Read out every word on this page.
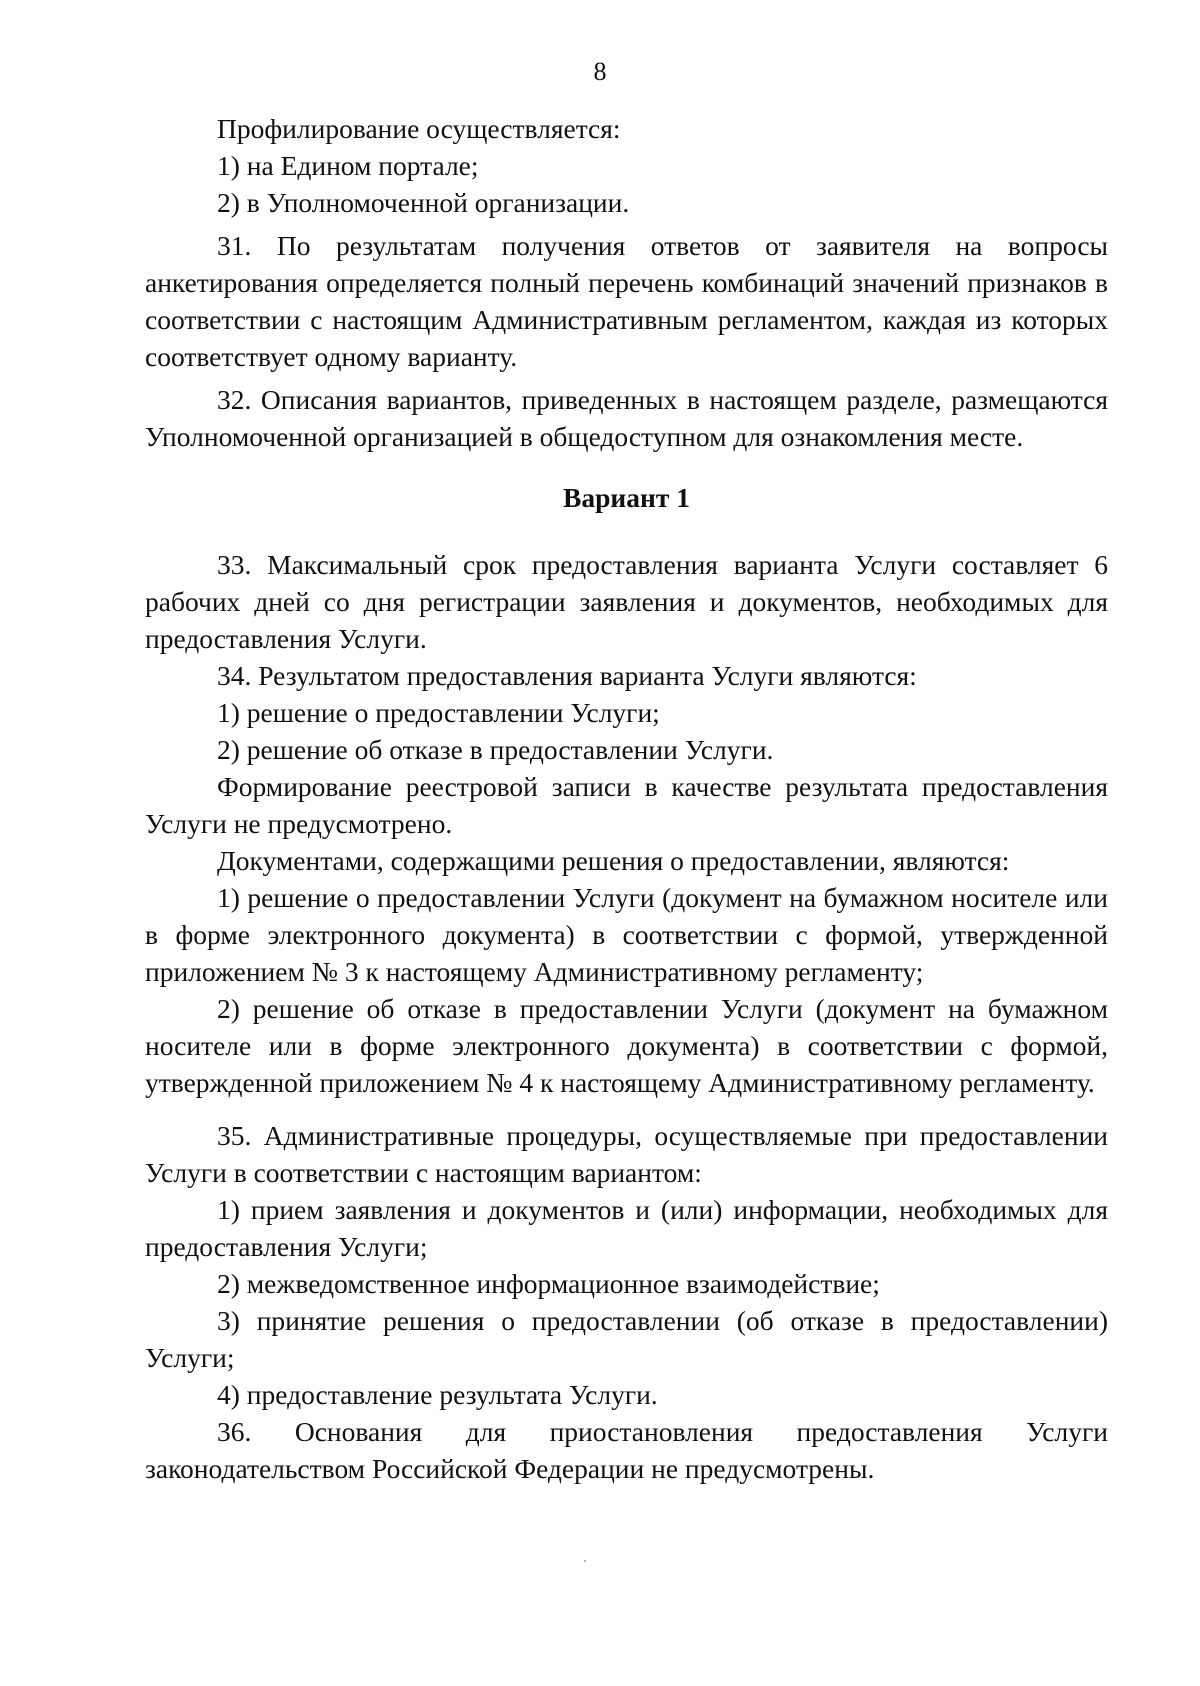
8

Профилирование осуществляется:

1) на Едином портале;

2) в Уполномоченной организации.

31. По результатам получения ответов от заявителя на вопросы анкетирования определяется полный перечень комбинаций значений признаков в соответствии с настоящим Административным регламентом, каждая из которых соответствует одному варианту.

32. Описания вариантов, приведенных в настоящем разделе, размещаются Уполномоченной организацией в общедоступном для ознакомления месте.

Вариант 1

33. Максимальный срок предоставления варианта Услуги составляет 6 рабочих дней со дня регистрации заявления и документов, необходимых для предоставления Услуги.

34. Результатом предоставления варианта Услуги являются:

1) решение о предоставлении Услуги;

2) решение об отказе в предоставлении Услуги.

Формирование реестровой записи в качестве результата предоставления Услуги не предусмотрено.

Документами, содержащими решения о предоставлении, являются:

1) решение о предоставлении Услуги (документ на бумажном носителе или в форме электронного документа) в соответствии с формой, утвержденной приложением № 3 к настоящему Административному регламенту;

2) решение об отказе в предоставлении Услуги (документ на бумажном носителе или в форме электронного документа) в соответствии с формой, утвержденной приложением № 4 к настоящему Административному регламенту.

35. Административные процедуры, осуществляемые при предоставлении Услуги в соответствии с настоящим вариантом:

1) прием заявления и документов и (или) информации, необходимых для предоставления Услуги;

2) межведомственное информационное взаимодействие;

3) принятие решения о предоставлении (об отказе в предоставлении) Услуги;

4) предоставление результата Услуги.

36. Основания для приостановления предоставления Услуги законодательством Российской Федерации не предусмотрены.
